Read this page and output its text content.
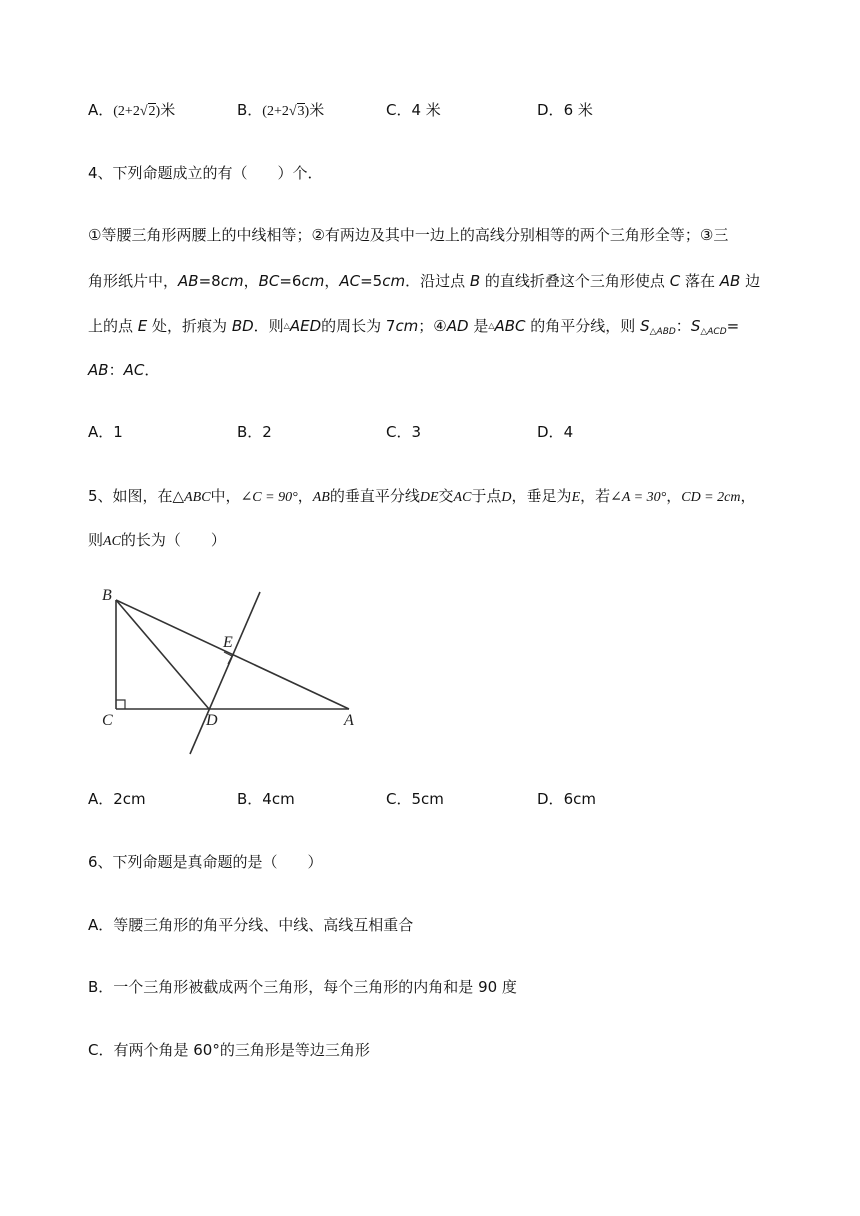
A．(2+2√2)米	B．(2+2√3)米	C．4 米	D．6 米
4、下列命题成立的有（　　）个．
①等腰三角形两腰上的中线相等；②有两边及其中一边上的高线分别相等的两个三角形全等；③三
角形纸片中，AB=8cm，BC=6cm，AC=5cm．沿过点 B 的直线折叠这个三角形使点 C 落在 AB 边
上的点 E 处，折痕为 BD．则△AED的周长为 7cm；④AD 是△ABC 的角平分线，则 $S_{\triangle ABD}$：$S_{\triangle ACD}=$
AB：AC．
A．1	B．2	C．3	D．4
5、如图，在△ABC中，∠C = 90°，AB的垂直平分线DE交AC于点D，垂足为E，若∠A = 30°，CD = 2cm，
则AC的长为（　　）
B
C	D	A
E
A．2cm	B．4cm	C．5cm	D．6cm
6、下列命题是真命题的是（　　）
A．等腰三角形的角平分线、中线、高线互相重合
B．一个三角形被截成两个三角形，每个三角形的内角和是 90 度
C．有两个角是 60°的三角形是等边三角形
